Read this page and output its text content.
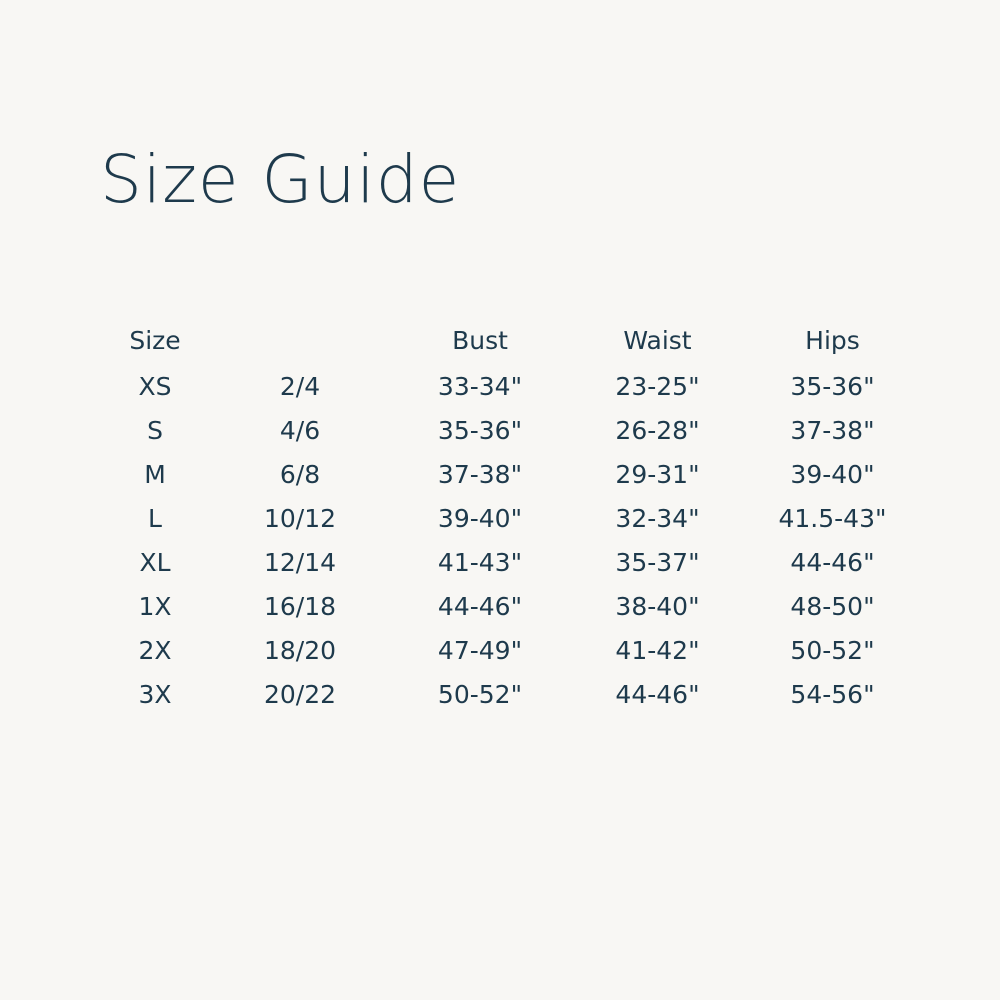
Size Guide
Size		Bust	Waist	Hips
XS	2/4	33-34"	23-25"	35-36"
S	4/6	35-36"	26-28"	37-38"
M	6/8	37-38"	29-31"	39-40"
L	10/12	39-40"	32-34"	41.5-43"
XL	12/14	41-43"	35-37"	44-46"
1X	16/18	44-46"	38-40"	48-50"
2X	18/20	47-49"	41-42"	50-52"
3X	20/22	50-52"	44-46"	54-56"
